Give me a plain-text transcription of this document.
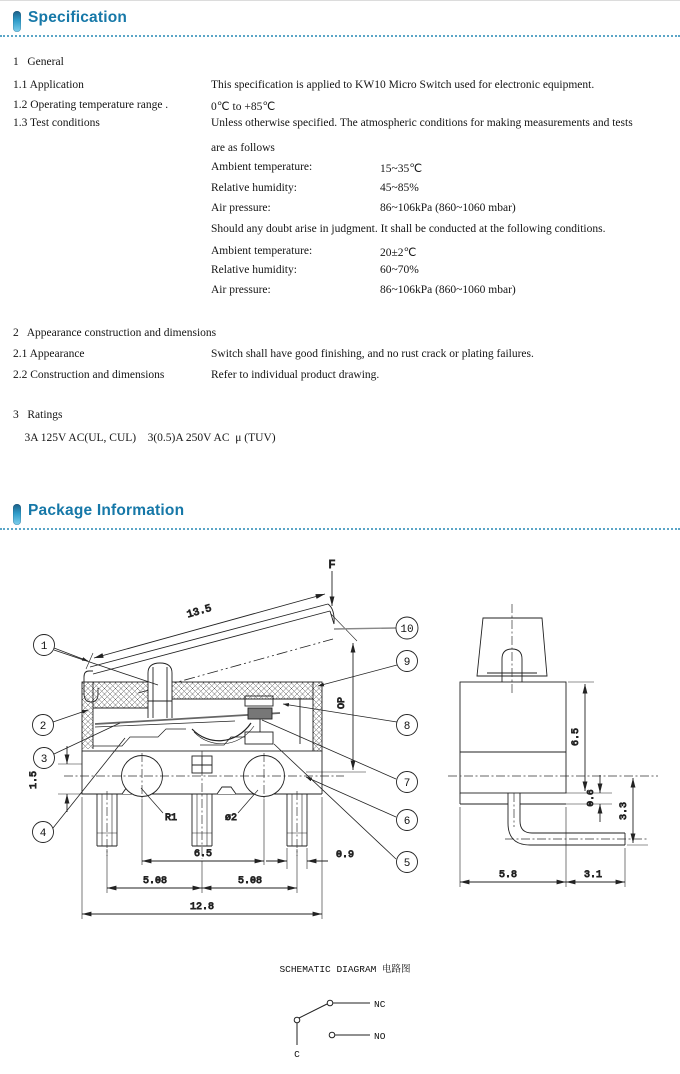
Specification
1   General
1.1 Application	This specification is applied to KW10 Micro Switch used for electronic equipment.
1.2 Operating temperature range .	0℃ to +85℃
1.3 Test conditions	Unless otherwise specified. The atmospheric conditions for making measurements and tests
are as follows
Ambient temperature:	15~35℃
Relative humidity:	45~85%
Air pressure:	86~106kPa (860~1060 mbar)
Should any doubt arise in judgment. It shall be conducted at the following conditions.
Ambient temperature:	20±2℃
Relative humidity:	60~70%
Air pressure:	86~106kPa (860~1060 mbar)
2   Appearance construction and dimensions
2.1 Appearance	Switch shall have good finishing, and no rust crack or plating failures.
2.2 Construction and dimensions	Refer to individual product drawing.
3   Ratings
3A 125V AC(UL, CUL)    3(0.5)A 250V AC  μ (TUV)
Package Information
F
13.5
OP
1.5
R1	ø2
6.5	0.9
5.08	5.08
12.8
1
2
3
4
10
9
8
7
6
5
6.5
0.6
3.3
5.8	3.1
SCHEMATIC DIAGRAM 电路图
NC
NO
C
